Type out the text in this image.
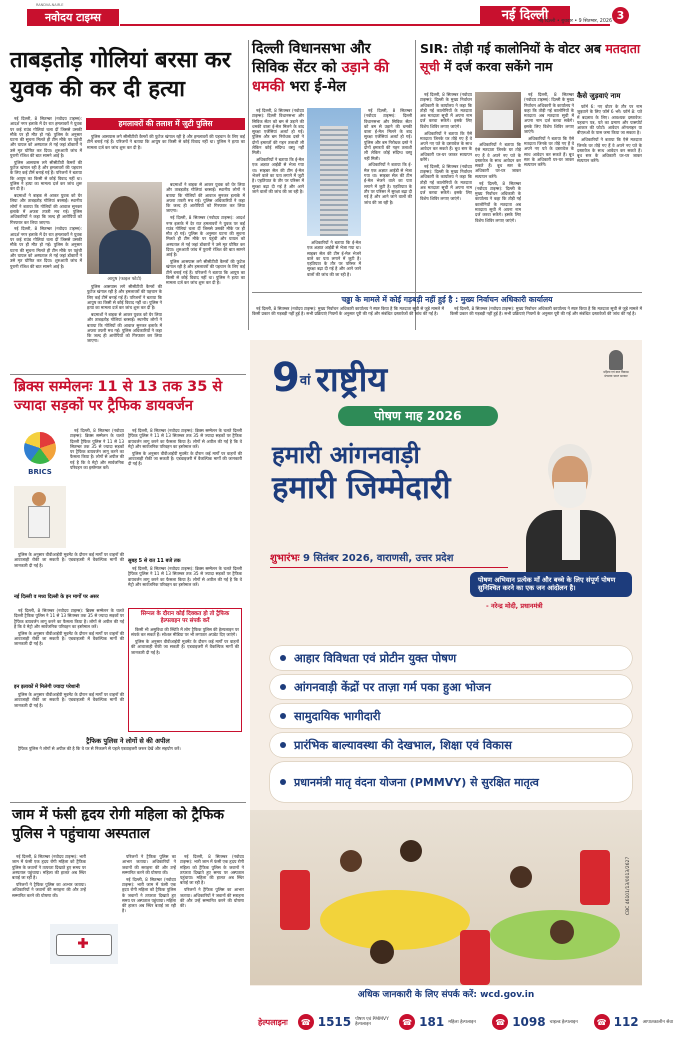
RANDVA-NAIR-E
नवोदय टाइम्स	नई दिल्ली
नई दिल्ली • बुधवार • 9 सितम्बर, 2026 3
ताबड़तोड़ गोलियां बरसा कर युवक की कर दी हत्या

नई दिल्ली, 8 सितम्बर (नवोदय टाइम्स): आदर्श नगर इलाके में देर रात हमलावरों ने युवक पर कई राउंड गोलियां चला दीं जिससे उसकी मौके पर ही मौत हो गई। पुलिस के अनुसार घटना की सूचना मिलते ही टीम मौके पर पहुंची और घायल को अस्पताल ले गई जहां डॉक्टरों ने उसे मृत घोषित कर दिया। शुरुआती जांच में पुरानी रंजिश की बात सामने आई है।

पुलिस आसपास लगे सीसीटीवी कैमरों की फुटेज खंगाल रही है और हमलावरों की पहचान के लिए कई टीमें बनाई गई हैं। परिजनों ने बताया कि आयुष का किसी से कोई विवाद नहीं था। पुलिस ने हत्या का मामला दर्ज कर जांच शुरू कर दी है।

बदमाशों ने बाइक से आकर युवक को घेर लिया और ताबड़तोड़ गोलियां बरसाईं। स्थानीय लोगों ने बताया कि गोलियों की आवाज सुनकर इलाके में अफरा तफरी मच गई। पुलिस अधिकारियों ने कहा कि जल्द ही आरोपियों को गिरफ्तार कर लिया जाएगा।

नई दिल्ली, 8 सितम्बर (नवोदय टाइम्स): आदर्श नगर इलाके में देर रात हमलावरों ने युवक पर कई राउंड गोलियां चला दीं जिससे उसकी मौके पर ही मौत हो गई। पुलिस के अनुसार घटना की सूचना मिलते ही टीम मौके पर पहुंची और घायल को अस्पताल ले गई जहां डॉक्टरों ने उसे मृत घोषित कर दिया। शुरुआती जांच में पुरानी रंजिश की बात सामने आई है।

हमलावरों की तलाश में जुटी पुलिस

पुलिस आसपास लगे सीसीटीवी कैमरों की फुटेज खंगाल रही है और हमलावरों की पहचान के लिए कई टीमें बनाई गई हैं। परिजनों ने बताया कि आयुष का किसी से कोई विवाद नहीं था। पुलिस ने हत्या का मामला दर्ज कर जांच शुरू कर दी है।

आयुष (फाइल फोटो)

बदमाशों ने बाइक से आकर युवक को घेर लिया और ताबड़तोड़ गोलियां बरसाईं। स्थानीय लोगों ने बताया कि गोलियों की आवाज सुनकर इलाके में अफरा तफरी मच गई। पुलिस अधिकारियों ने कहा कि जल्द ही आरोपियों को गिरफ्तार कर लिया जाएगा।

नई दिल्ली, 8 सितम्बर (नवोदय टाइम्स): आदर्श नगर इलाके में देर रात हमलावरों ने युवक पर कई राउंड गोलियां चला दीं जिससे उसकी मौके पर ही मौत हो गई। पुलिस के अनुसार घटना की सूचना मिलते ही टीम मौके पर पहुंची और घायल को अस्पताल ले गई जहां डॉक्टरों ने उसे मृत घोषित कर दिया। शुरुआती जांच में पुरानी रंजिश की बात सामने आई है।

पुलिस आसपास लगे सीसीटीवी कैमरों की फुटेज खंगाल रही है और हमलावरों की पहचान के लिए कई टीमें बनाई गई हैं। परिजनों ने बताया कि आयुष का किसी से कोई विवाद नहीं था। पुलिस ने हत्या का मामला दर्ज कर जांच शुरू कर दी है।

पुलिस आसपास लगे सीसीटीवी कैमरों की फुटेज खंगाल रही है और हमलावरों की पहचान के लिए कई टीमें बनाई गई हैं। परिजनों ने बताया कि आयुष का किसी से कोई विवाद नहीं था। पुलिस ने हत्या का मामला दर्ज कर जांच शुरू कर दी है।

बदमाशों ने बाइक से आकर युवक को घेर लिया और ताबड़तोड़ गोलियां बरसाईं। स्थानीय लोगों ने बताया कि गोलियों की आवाज सुनकर इलाके में अफरा तफरी मच गई। पुलिस अधिकारियों ने कहा कि जल्द ही आरोपियों को गिरफ्तार कर लिया जाएगा।

दिल्ली विधानसभा और सिविक सेंटर को उड़ाने की धमकी भरा ई-मेल

नई दिल्ली, 8 सितम्बर (नवोदय टाइम्स): दिल्ली विधानसभा और सिविक सेंटर को बम से उड़ाने की धमकी वाला ई-मेल मिलने के बाद सुरक्षा एजेंसियां अलर्ट हो गईं। पुलिस और बम निरोधक दस्ते ने दोनों इमारतों की गहन तलाशी ली लेकिन कोई संदिग्ध वस्तु नहीं मिली।

अधिकारियों ने बताया कि ई-मेल एक अज्ञात आईडी से भेजा गया था। साइबर सेल की टीम ई-मेल भेजने वाले का पता लगाने में जुटी है। एहतियात के तौर पर परिसर में सुरक्षा बढ़ा दी गई है और आने जाने वालों की जांच की जा रही है।

अधिकारियों ने बताया कि ई-मेल एक अज्ञात आईडी से भेजा गया था। साइबर सेल की टीम ई-मेल भेजने वाले का पता लगाने में जुटी है। एहतियात के तौर पर परिसर में सुरक्षा बढ़ा दी गई है और आने जाने वालों की जांच की जा रही है।

नई दिल्ली, 8 सितम्बर (नवोदय टाइम्स): दिल्ली विधानसभा और सिविक सेंटर को बम से उड़ाने की धमकी वाला ई-मेल मिलने के बाद सुरक्षा एजेंसियां अलर्ट हो गईं। पुलिस और बम निरोधक दस्ते ने दोनों इमारतों की गहन तलाशी ली लेकिन कोई संदिग्ध वस्तु नहीं मिली।

अधिकारियों ने बताया कि ई-मेल एक अज्ञात आईडी से भेजा गया था। साइबर सेल की टीम ई-मेल भेजने वाले का पता लगाने में जुटी है। एहतियात के तौर पर परिसर में सुरक्षा बढ़ा दी गई है और आने जाने वालों की जांच की जा रही है।

SIR: तोड़ी गई कालोनियों के वोटर अब मतदाता सूची में दर्ज करवा सकेंगे नाम

नई दिल्ली, 8 सितम्बर (नवोदय टाइम्स): दिल्ली के मुख्य निर्वाचन अधिकारी के कार्यालय ने कहा कि तोड़ी गई कालोनियों के मतदाता अब मतदाता सूची में अपना नाम दर्ज करवा सकेंगे। इसके लिए विशेष शिविर लगाए जाएंगे।

अधिकारियों ने बताया कि ऐसे मतदाता जिनके घर तोड़े गए हैं वे अपने नए पते के दस्तावेज के साथ आवेदन कर सकते हैं। बूथ स्तर के अधिकारी घर-घर जाकर सत्यापन करेंगे।

नई दिल्ली, 8 सितम्बर (नवोदय टाइम्स): दिल्ली के मुख्य निर्वाचन अधिकारी के कार्यालय ने कहा कि तोड़ी गई कालोनियों के मतदाता अब मतदाता सूची में अपना नाम दर्ज करवा सकेंगे। इसके लिए विशेष शिविर लगाए जाएंगे।

अधिकारियों ने बताया कि ऐसे मतदाता जिनके घर तोड़े गए हैं वे अपने नए पते के दस्तावेज के साथ आवेदन कर सकते हैं। बूथ स्तर के अधिकारी घर-घर जाकर सत्यापन करेंगे।

नई दिल्ली, 8 सितम्बर (नवोदय टाइम्स): दिल्ली के मुख्य निर्वाचन अधिकारी के कार्यालय ने कहा कि तोड़ी गई कालोनियों के मतदाता अब मतदाता सूची में अपना नाम दर्ज करवा सकेंगे। इसके लिए विशेष शिविर लगाए जाएंगे।

नई दिल्ली, 8 सितम्बर (नवोदय टाइम्स): दिल्ली के मुख्य निर्वाचन अधिकारी के कार्यालय ने कहा कि तोड़ी गई कालोनियों के मतदाता अब मतदाता सूची में अपना नाम दर्ज करवा सकेंगे। इसके लिए विशेष शिविर लगाए जाएंगे।

अधिकारियों ने बताया कि ऐसे मतदाता जिनके घर तोड़े गए हैं वे अपने नए पते के दस्तावेज के साथ आवेदन कर सकते हैं। बूथ स्तर के अधिकारी घर-घर जाकर सत्यापन करेंगे।

कैसे जुड़वाएं नाम

फॉर्म 6: नए वोटर के तौर पर नाम जुड़वाने के लिए फॉर्म 6 भरें। फॉर्म 8: पते में बदलाव के लिए। आवश्यक दस्तावेज: पहचान पत्र, पते का प्रमाण और पासपोर्ट आकार की फोटो। आवेदन ऑनलाइन या बीएलओ के पास जमा किया जा सकता है।

अधिकारियों ने बताया कि ऐसे मतदाता जिनके घर तोड़े गए हैं वे अपने नए पते के दस्तावेज के साथ आवेदन कर सकते हैं। बूथ स्तर के अधिकारी घर-घर जाकर सत्यापन करेंगे।

चढ्ढा के मामले में कोई गड़बड़ी नहीं हुई है : मुख्य निर्वाचन अधिकारी कार्यालय

नई दिल्ली, 8 सितम्बर (नवोदय टाइम्स): मुख्य निर्वाचन अधिकारी कार्यालय ने स्पष्ट किया है कि मतदाता सूची से जुड़े मामले में किसी प्रकार की गड़बड़ी नहीं हुई है। सभी प्रक्रियाएं नियमों के अनुसार पूरी की गईं और संबंधित दस्तावेजों की जांच की गई है।

नई दिल्ली, 8 सितम्बर (नवोदय टाइम्स): मुख्य निर्वाचन अधिकारी कार्यालय ने स्पष्ट किया है कि मतदाता सूची से जुड़े मामले में किसी प्रकार की गड़बड़ी नहीं हुई है। सभी प्रक्रियाएं नियमों के अनुसार पूरी की गईं और संबंधित दस्तावेजों की जांच की गई है।

ब्रिक्स सम्मेलनः 11 से 13 तक 35 से ज्यादा सड़कों पर ट्रैफिक डायवर्जन
BRICS

नई दिल्ली, 8 सितम्बर (नवोदय टाइम्स): ब्रिक्स सम्मेलन के चलते दिल्ली ट्रैफिक पुलिस ने 11 से 13 सितम्बर तक 35 से ज्यादा सड़कों पर ट्रैफिक डायवर्जन लागू करने का फैसला किया है। लोगों से अपील की गई है कि वे मेट्रो और सार्वजनिक परिवहन का इस्तेमाल करें।

पुलिस के अनुसार वीवीआईपी मूवमेंट के दौरान कई मार्गों पर वाहनों की आवाजाही रोकी जा सकती है। एडवाइजरी में वैकल्पिक मार्गों की जानकारी दी गई है।

नई दिल्ली व मध्य दिल्ली के इन मार्गों पर असर

नई दिल्ली, 8 सितम्बर (नवोदय टाइम्स): ब्रिक्स सम्मेलन के चलते दिल्ली ट्रैफिक पुलिस ने 11 से 13 सितम्बर तक 35 से ज्यादा सड़कों पर ट्रैफिक डायवर्जन लागू करने का फैसला किया है। लोगों से अपील की गई है कि वे मेट्रो और सार्वजनिक परिवहन का इस्तेमाल करें।

पुलिस के अनुसार वीवीआईपी मूवमेंट के दौरान कई मार्गों पर वाहनों की आवाजाही रोकी जा सकती है। एडवाइजरी में वैकल्पिक मार्गों की जानकारी दी गई है।

इन इलाकों में मिलेगी ज्यादा परेशानी

पुलिस के अनुसार वीवीआईपी मूवमेंट के दौरान कई मार्गों पर वाहनों की आवाजाही रोकी जा सकती है। एडवाइजरी में वैकल्पिक मार्गों की जानकारी दी गई है।

नई दिल्ली, 8 सितम्बर (नवोदय टाइम्स): ब्रिक्स सम्मेलन के चलते दिल्ली ट्रैफिक पुलिस ने 11 से 13 सितम्बर तक 35 से ज्यादा सड़कों पर ट्रैफिक डायवर्जन लागू करने का फैसला किया है। लोगों से अपील की गई है कि वे मेट्रो और सार्वजनिक परिवहन का इस्तेमाल करें।

पुलिस के अनुसार वीवीआईपी मूवमेंट के दौरान कई मार्गों पर वाहनों की आवाजाही रोकी जा सकती है। एडवाइजरी में वैकल्पिक मार्गों की जानकारी दी गई है।

सुबह 5 से रात 11 बजे तक

नई दिल्ली, 8 सितम्बर (नवोदय टाइम्स): ब्रिक्स सम्मेलन के चलते दिल्ली ट्रैफिक पुलिस ने 11 से 13 सितम्बर तक 35 से ज्यादा सड़कों पर ट्रैफिक डायवर्जन लागू करने का फैसला किया है। लोगों से अपील की गई है कि वे मेट्रो और सार्वजनिक परिवहन का इस्तेमाल करें।

सिग्नल के दौरान कोई दिक्कत हो तो ट्रैफिक हेल्पलाइन पर संपर्क करें

किसी भी असुविधा की स्थिति में लोग ट्रैफिक पुलिस की हेल्पलाइन पर संपर्क कर सकते हैं। सोशल मीडिया पर भी लगातार अपडेट दिए जाएंगे।

पुलिस के अनुसार वीवीआईपी मूवमेंट के दौरान कई मार्गों पर वाहनों की आवाजाही रोकी जा सकती है। एडवाइजरी में वैकल्पिक मार्गों की जानकारी दी गई है।

ट्रैफिक पुलिस ने लोगों से की अपील

ट्रैफिक पुलिस ने लोगों से अपील की है कि वे घर से निकलने से पहले एडवाइजरी जरूर देखें और सहयोग करें।

जाम में फंसी हृदय रोगी महिला को ट्रैफिक पुलिस ने पहुंचाया अस्पताल

नई दिल्ली, 8 सितम्बर (नवोदय टाइम्स): भारी जाम में फंसी एक हृदय रोगी महिला को ट्रैफिक पुलिस के जवानों ने तत्परता दिखाते हुए समय पर अस्पताल पहुंचाया। महिला की हालत अब स्थिर बताई जा रही है।

परिजनों ने ट्रैफिक पुलिस का आभार जताया। अधिकारियों ने जवानों की सराहना की और उन्हें सम्मानित करने की घोषणा की।

परिजनों ने ट्रैफिक पुलिस का आभार जताया। अधिकारियों ने जवानों की सराहना की और उन्हें सम्मानित करने की घोषणा की।

नई दिल्ली, 8 सितम्बर (नवोदय टाइम्स): भारी जाम में फंसी एक हृदय रोगी महिला को ट्रैफिक पुलिस के जवानों ने तत्परता दिखाते हुए समय पर अस्पताल पहुंचाया। महिला की हालत अब स्थिर बताई जा रही है।

नई दिल्ली, 8 सितम्बर (नवोदय टाइम्स): भारी जाम में फंसी एक हृदय रोगी महिला को ट्रैफिक पुलिस के जवानों ने तत्परता दिखाते हुए समय पर अस्पताल पहुंचाया। महिला की हालत अब स्थिर बताई जा रही है।

परिजनों ने ट्रैफिक पुलिस का आभार जताया। अधिकारियों ने जवानों की सराहना की और उन्हें सम्मानित करने की घोषणा की।

$9^{वां}$ राष्ट्रीय
पोषण माह 2026
महिला एवं बाल विकास मंत्रालय भारत सरकार
हमारी आंगनवाड़ी
हमारी जिम्मेदारी
शुभारंभः 9 सितंबर 2026, वाराणसी, उत्तर प्रदेश
पोषण अभियान प्रत्येक माँ और बच्चे के लिए संपूर्ण पोषण सुनिश्चित करने का एक जन आंदोलन है।
- नरेन्द्र मोदी, प्रधानमंत्री
आहार विविधता एवं प्रोटीन युक्त पोषण
आंगनवाड़ी केंद्रों पर ताज़ा गर्म पका हुआ भोजन
सामुदायिक भागीदारी
प्रारंभिक बाल्यावस्था की देखभाल, शिक्षा एवं विकास
प्रधानमंत्री मातृ वंदना योजना (PMMVY) से सुरक्षित मातृत्व
CBC 46101/13/0013/2627
अधिक जानकारी के लिए संपर्क करें: wcd.gov.in
हेल्पलाइनः	☎ 1515 पोषण एवं PMMVY हेल्पलाइन	☎ 181 महिला हेल्पलाइन	☎ 1098 चाइल्ड हेल्पलाइन	☎ 112 आपातकालीन सेवा
